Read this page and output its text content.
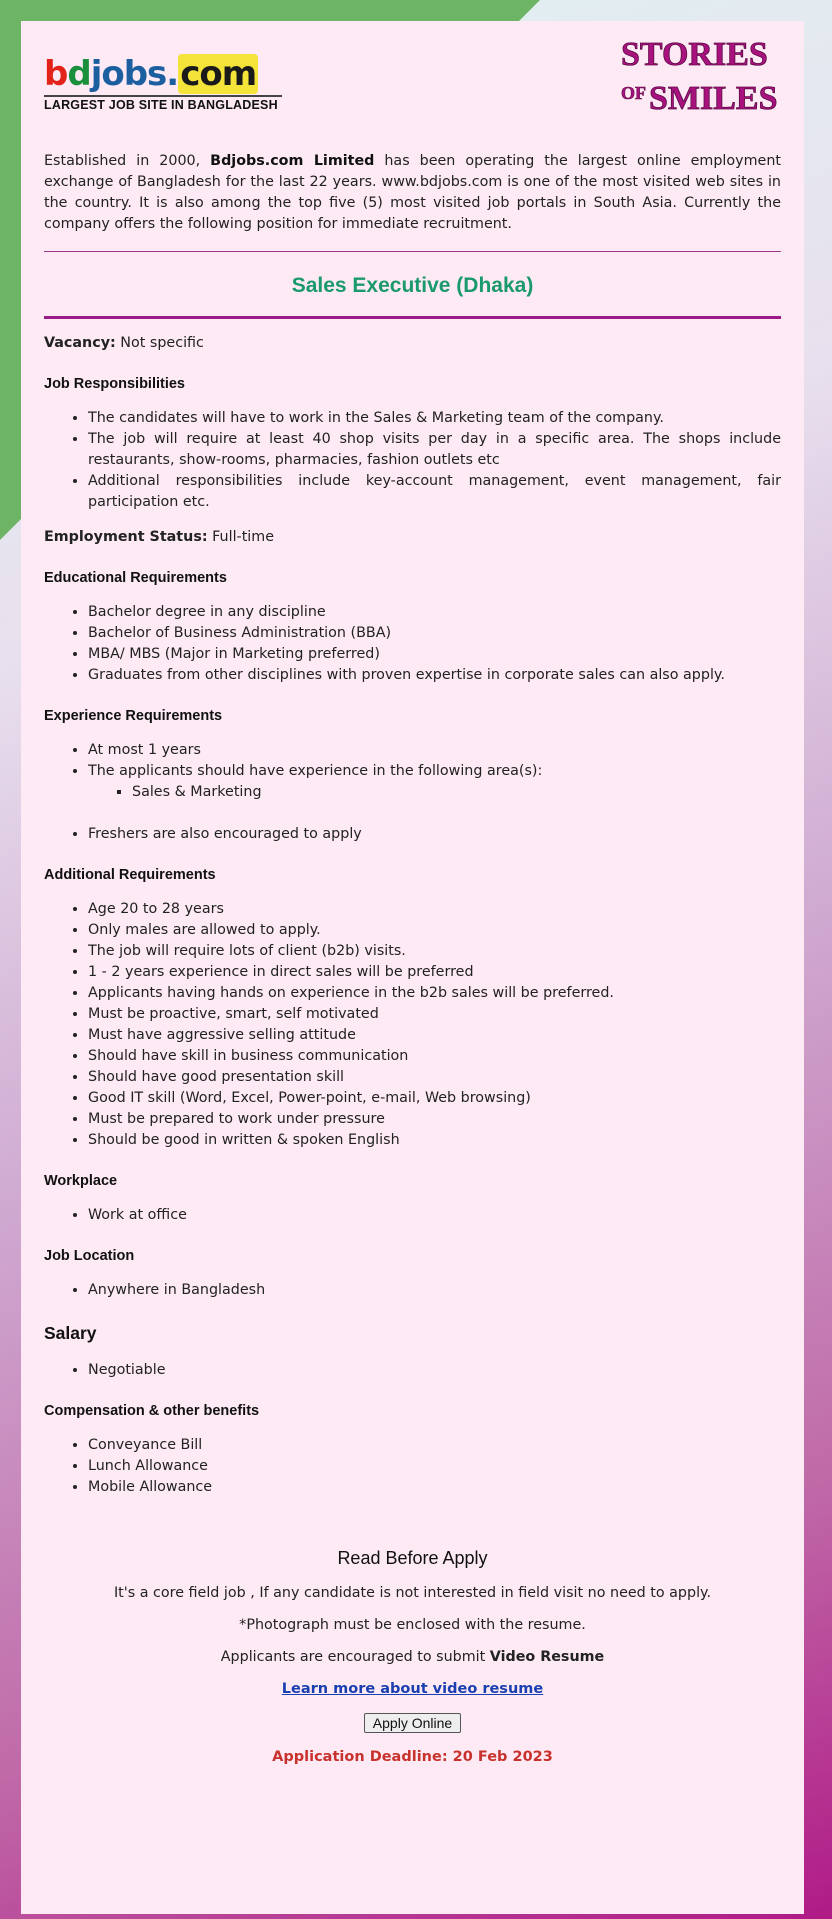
bdjobs.com
LARGEST JOB SITE IN BANGLADESH
STORIES
OF SMILES

Established in 2000, Bdjobs.com Limited has been operating the largest online employment exchange of Bangladesh for the last 22 years. www.bdjobs.com is one of the most visited web sites in the country. It is also among the top five (5) most visited job portals in South Asia. Currently the company offers the following position for immediate recruitment.

Sales Executive (Dhaka)

Vacancy: Not specific

Job Responsibilities
• The candidates will have to work in the Sales & Marketing team of the company.
• The job will require at least 40 shop visits per day in a specific area. The shops include restaurants, show-rooms, pharmacies, fashion outlets etc
• Additional responsibilities include key-account management, event management, fair participation etc.

Employment Status: Full-time

Educational Requirements
• Bachelor degree in any discipline
• Bachelor of Business Administration (BBA)
• MBA/ MBS (Major in Marketing preferred)
• Graduates from other disciplines with proven expertise in corporate sales can also apply.
Experience Requirements
• At most 1 years
• The applicants should have experience in the following area(s):
▪ Sales & Marketing
• Freshers are also encouraged to apply
Additional Requirements
• Age 20 to 28 years
• Only males are allowed to apply.
• The job will require lots of client (b2b) visits.
• 1 - 2 years experience in direct sales will be preferred
• Applicants having hands on experience in the b2b sales will be preferred.
• Must be proactive, smart, self motivated
• Must have aggressive selling attitude
• Should have skill in business communication
• Should have good presentation skill
• Good IT skill (Word, Excel, Power-point, e-mail, Web browsing)
• Must be prepared to work under pressure
• Should be good in written & spoken English
Workplace
• Work at office
Job Location
• Anywhere in Bangladesh
Salary
• Negotiable
Compensation & other benefits
• Conveyance Bill
• Lunch Allowance
• Mobile Allowance
Read Before Apply

It's a core field job , If any candidate is not interested in field visit no need to apply.

*Photograph must be enclosed with the resume.

Applicants are encouraged to submit Video Resume

Learn more about video resume

Apply Online

Application Deadline: 20 Feb 2023
